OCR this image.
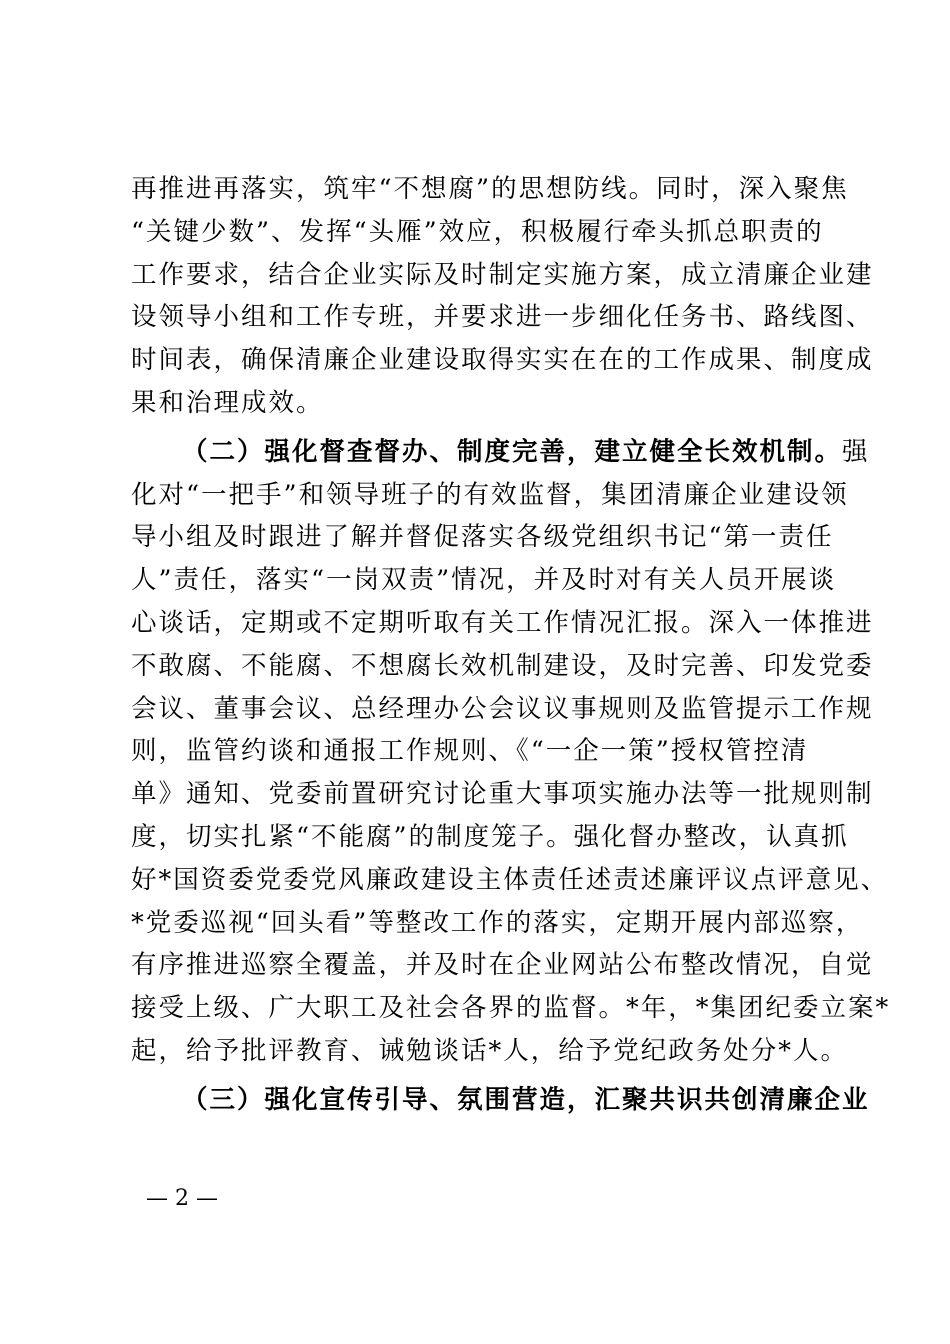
再推进再落实，筑牢“不想腐”的思想防线。同时，深入聚焦
“关键少数”、发挥“头雁”效应，积极履行牵头抓总职责的
工作要求，结合企业实际及时制定实施方案，成立清廉企业建
设领导小组和工作专班，并要求进一步细化任务书、路线图、
时间表，确保清廉企业建设取得实实在在的工作成果、制度成
果和治理成效。
（二）强化督查督办、制度完善，建立健全长效机制。强
化对“一把手”和领导班子的有效监督，集团清廉企业建设领
导小组及时跟进了解并督促落实各级党组织书记“第一责任
人”责任，落实“一岗双责”情况，并及时对有关人员开展谈
心谈话，定期或不定期听取有关工作情况汇报。深入一体推进
不敢腐、不能腐、不想腐长效机制建设，及时完善、印发党委
会议、董事会议、总经理办公会议议事规则及监管提示工作规
则，监管约谈和通报工作规则、《“一企一策”授权管控清
单》通知、党委前置研究讨论重大事项实施办法等一批规则制
度，切实扎紧“不能腐”的制度笼子。强化督办整改，认真抓
好*国资委党委党风廉政建设主体责任述责述廉评议点评意见、
*党委巡视“回头看”等整改工作的落实，定期开展内部巡察，
有序推进巡察全覆盖，并及时在企业网站公布整改情况，自觉
接受上级、广大职工及社会各界的监督。*年，*集团纪委立案*
起，给予批评教育、诫勉谈话*人，给予党纪政务处分*人。
（三）强化宣传引导、氛围营造，汇聚共识共创清廉企业
— 2 —
